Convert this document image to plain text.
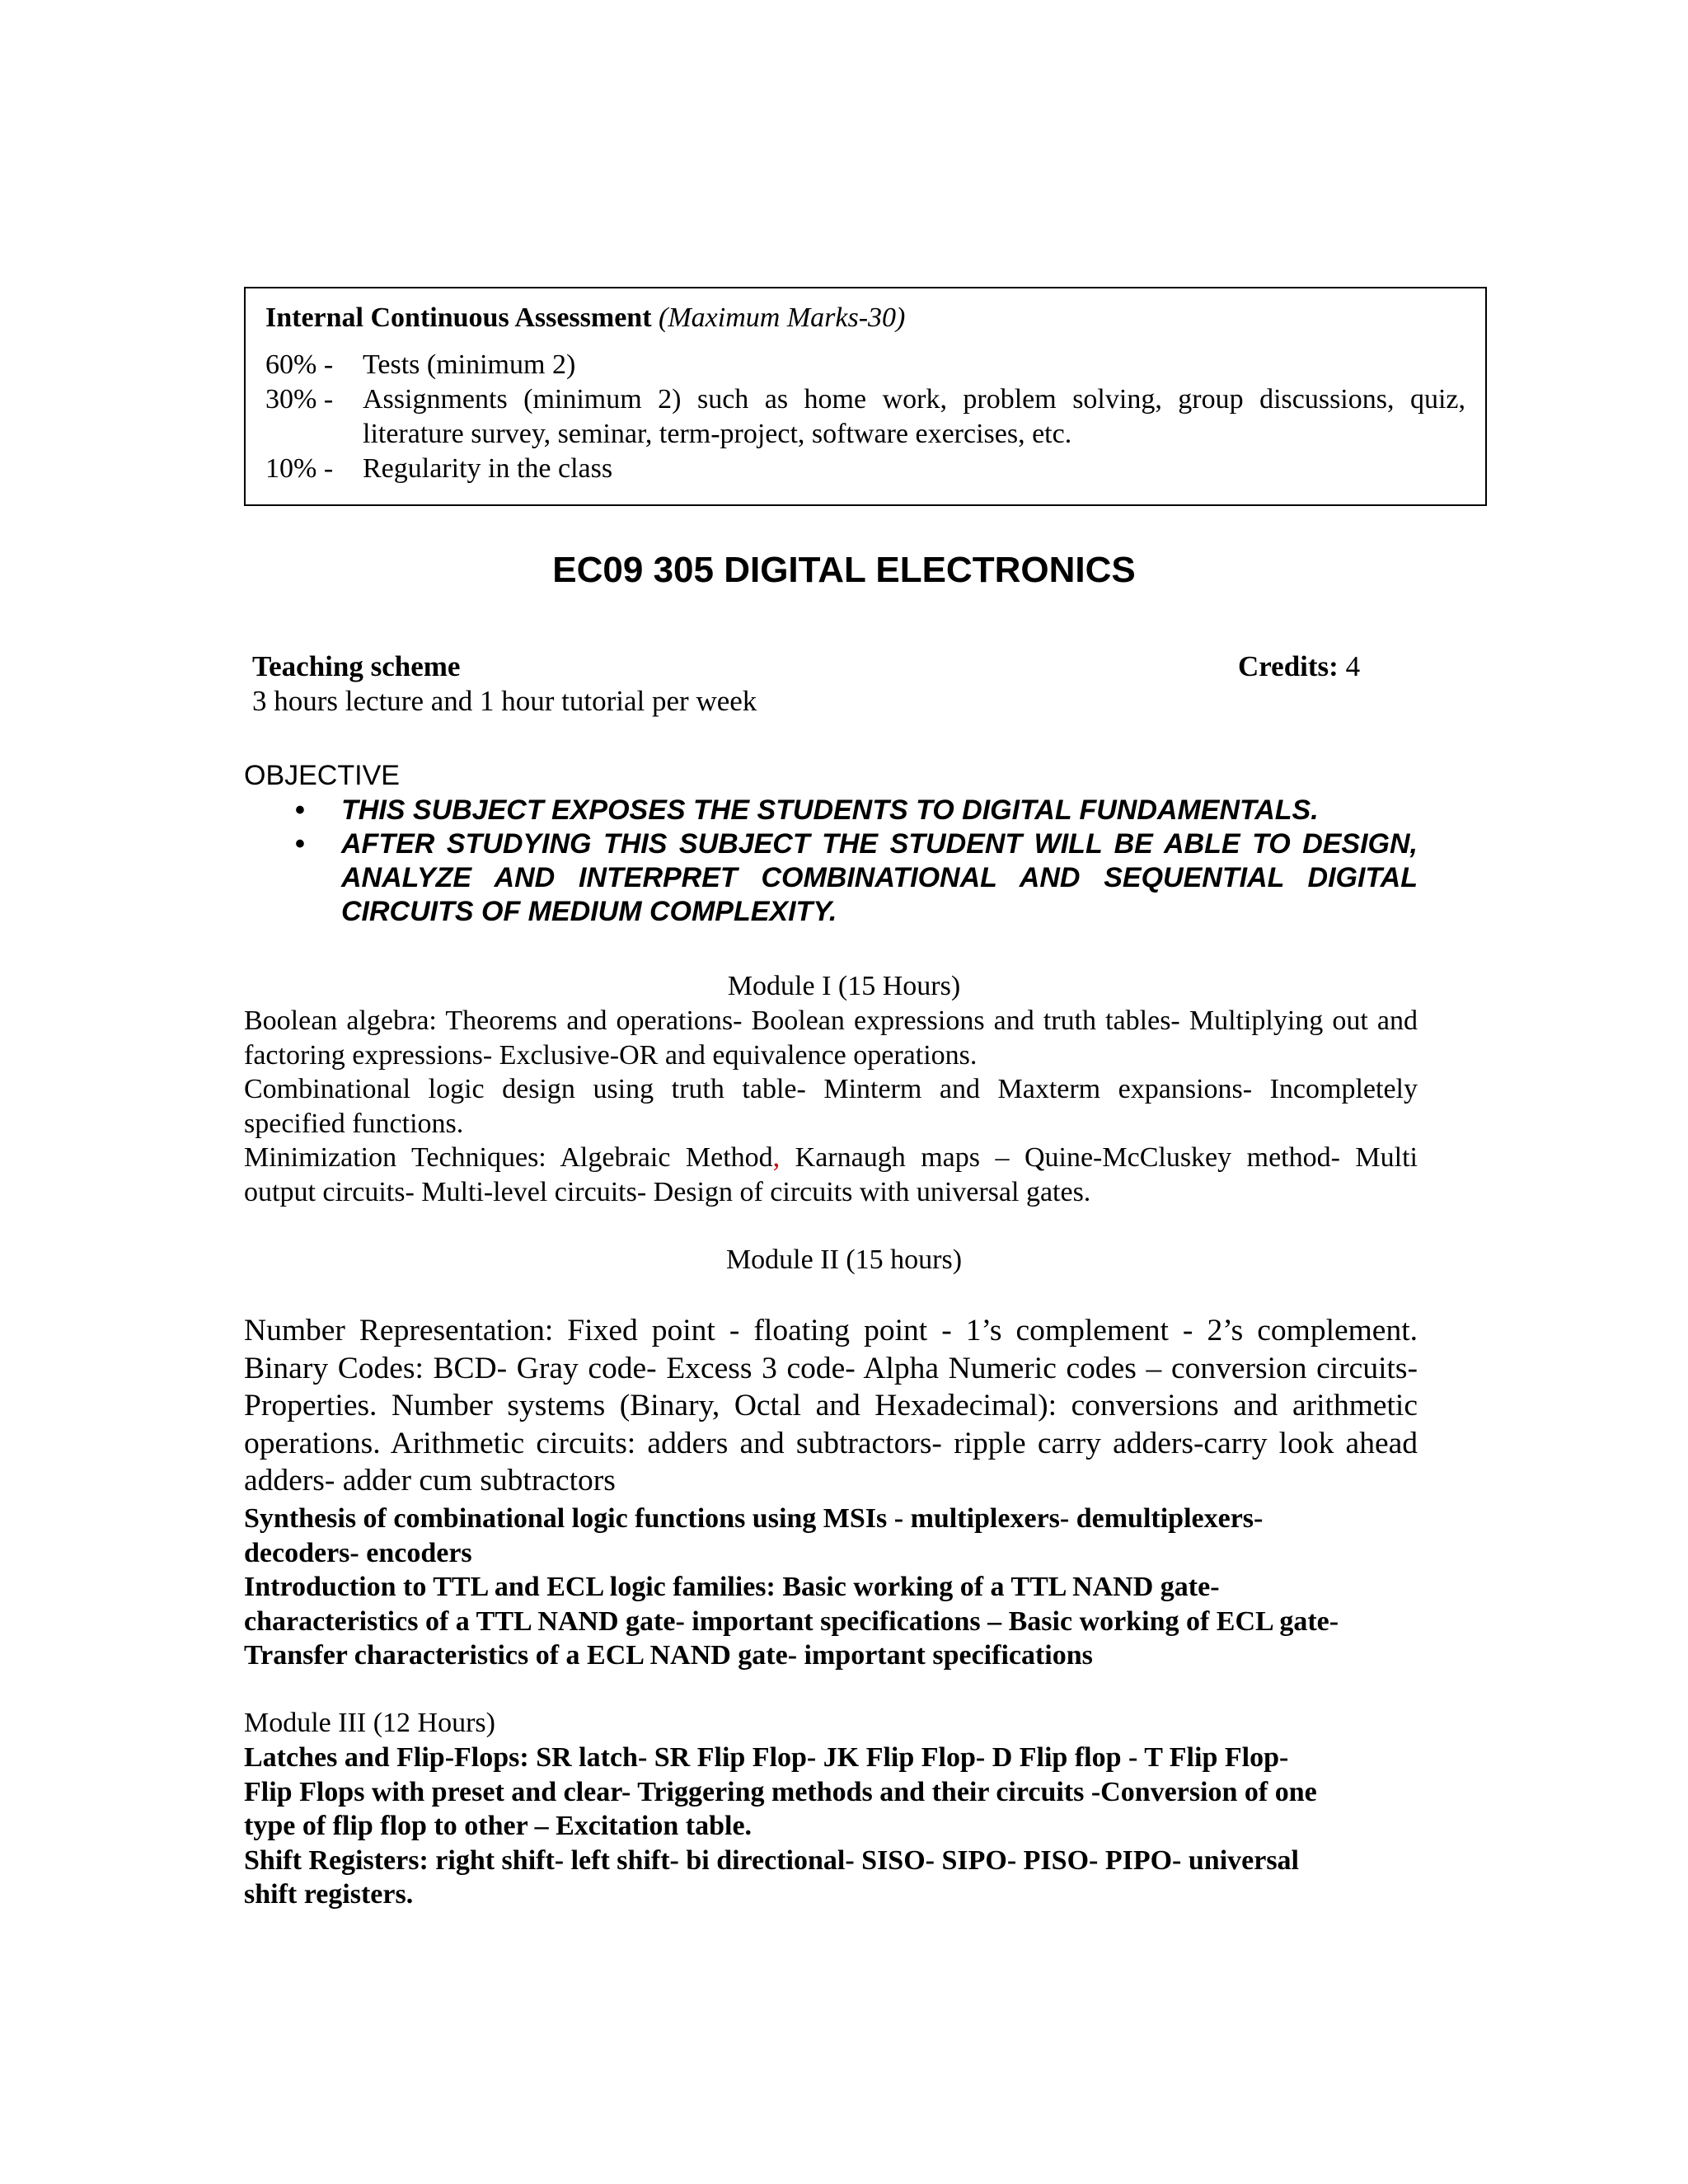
Internal Continuous Assessment (Maximum Marks-30)
60% -	Tests (minimum 2)
30% -	Assignments (minimum 2) such as home work, problem solving, group discussions, quiz, literature survey, seminar, term-project, software exercises, etc.
10% -	Regularity in the class
EC09 305 DIGITAL ELECTRONICS
Teaching scheme	Credits: 4
3 hours lecture and 1 hour tutorial per week
OBJECTIVE
• THIS SUBJECT EXPOSES THE STUDENTS TO DIGITAL FUNDAMENTALS.
• AFTER STUDYING THIS SUBJECT THE STUDENT WILL BE ABLE TO DESIGN, ANALYZE AND INTERPRET COMBINATIONAL AND SEQUENTIAL DIGITAL CIRCUITS OF MEDIUM COMPLEXITY.
Module I (15 Hours)

Boolean algebra: Theorems and operations- Boolean expressions and truth tables- Multiplying out and factoring expressions- Exclusive-OR and equivalence operations.

Combinational logic design using truth table- Minterm and Maxterm expansions- Incompletely specified functions.

Minimization Techniques: Algebraic Method, Karnaugh maps – Quine-McCluskey method- Multi output circuits- Multi-level circuits- Design of circuits with universal gates.

Module II (15 hours)
Number Representation: Fixed point - floating point - 1’s complement - 2’s complement. Binary Codes: BCD- Gray code- Excess 3 code- Alpha Numeric codes – conversion circuits- Properties. Number systems (Binary, Octal and Hexadecimal): conversions and arithmetic operations. Arithmetic circuits: adders and subtractors- ripple carry adders-carry look ahead adders- adder cum subtractors

Synthesis of combinational logic functions using MSIs - multiplexers- demultiplexers-

decoders- encoders

Introduction to TTL and ECL logic families: Basic working of a TTL NAND gate-

characteristics of a TTL NAND gate- important specifications – Basic working of ECL gate-

Transfer characteristics of a ECL NAND gate- important specifications

Module III (12 Hours)

Latches and Flip-Flops: SR latch- SR Flip Flop- JK Flip Flop- D Flip flop - T Flip Flop-

Flip Flops with preset and clear- Triggering methods and their circuits -Conversion of one

type of flip flop to other – Excitation table.

Shift Registers: right shift- left shift- bi directional- SISO- SIPO- PISO- PIPO- universal

shift registers.
